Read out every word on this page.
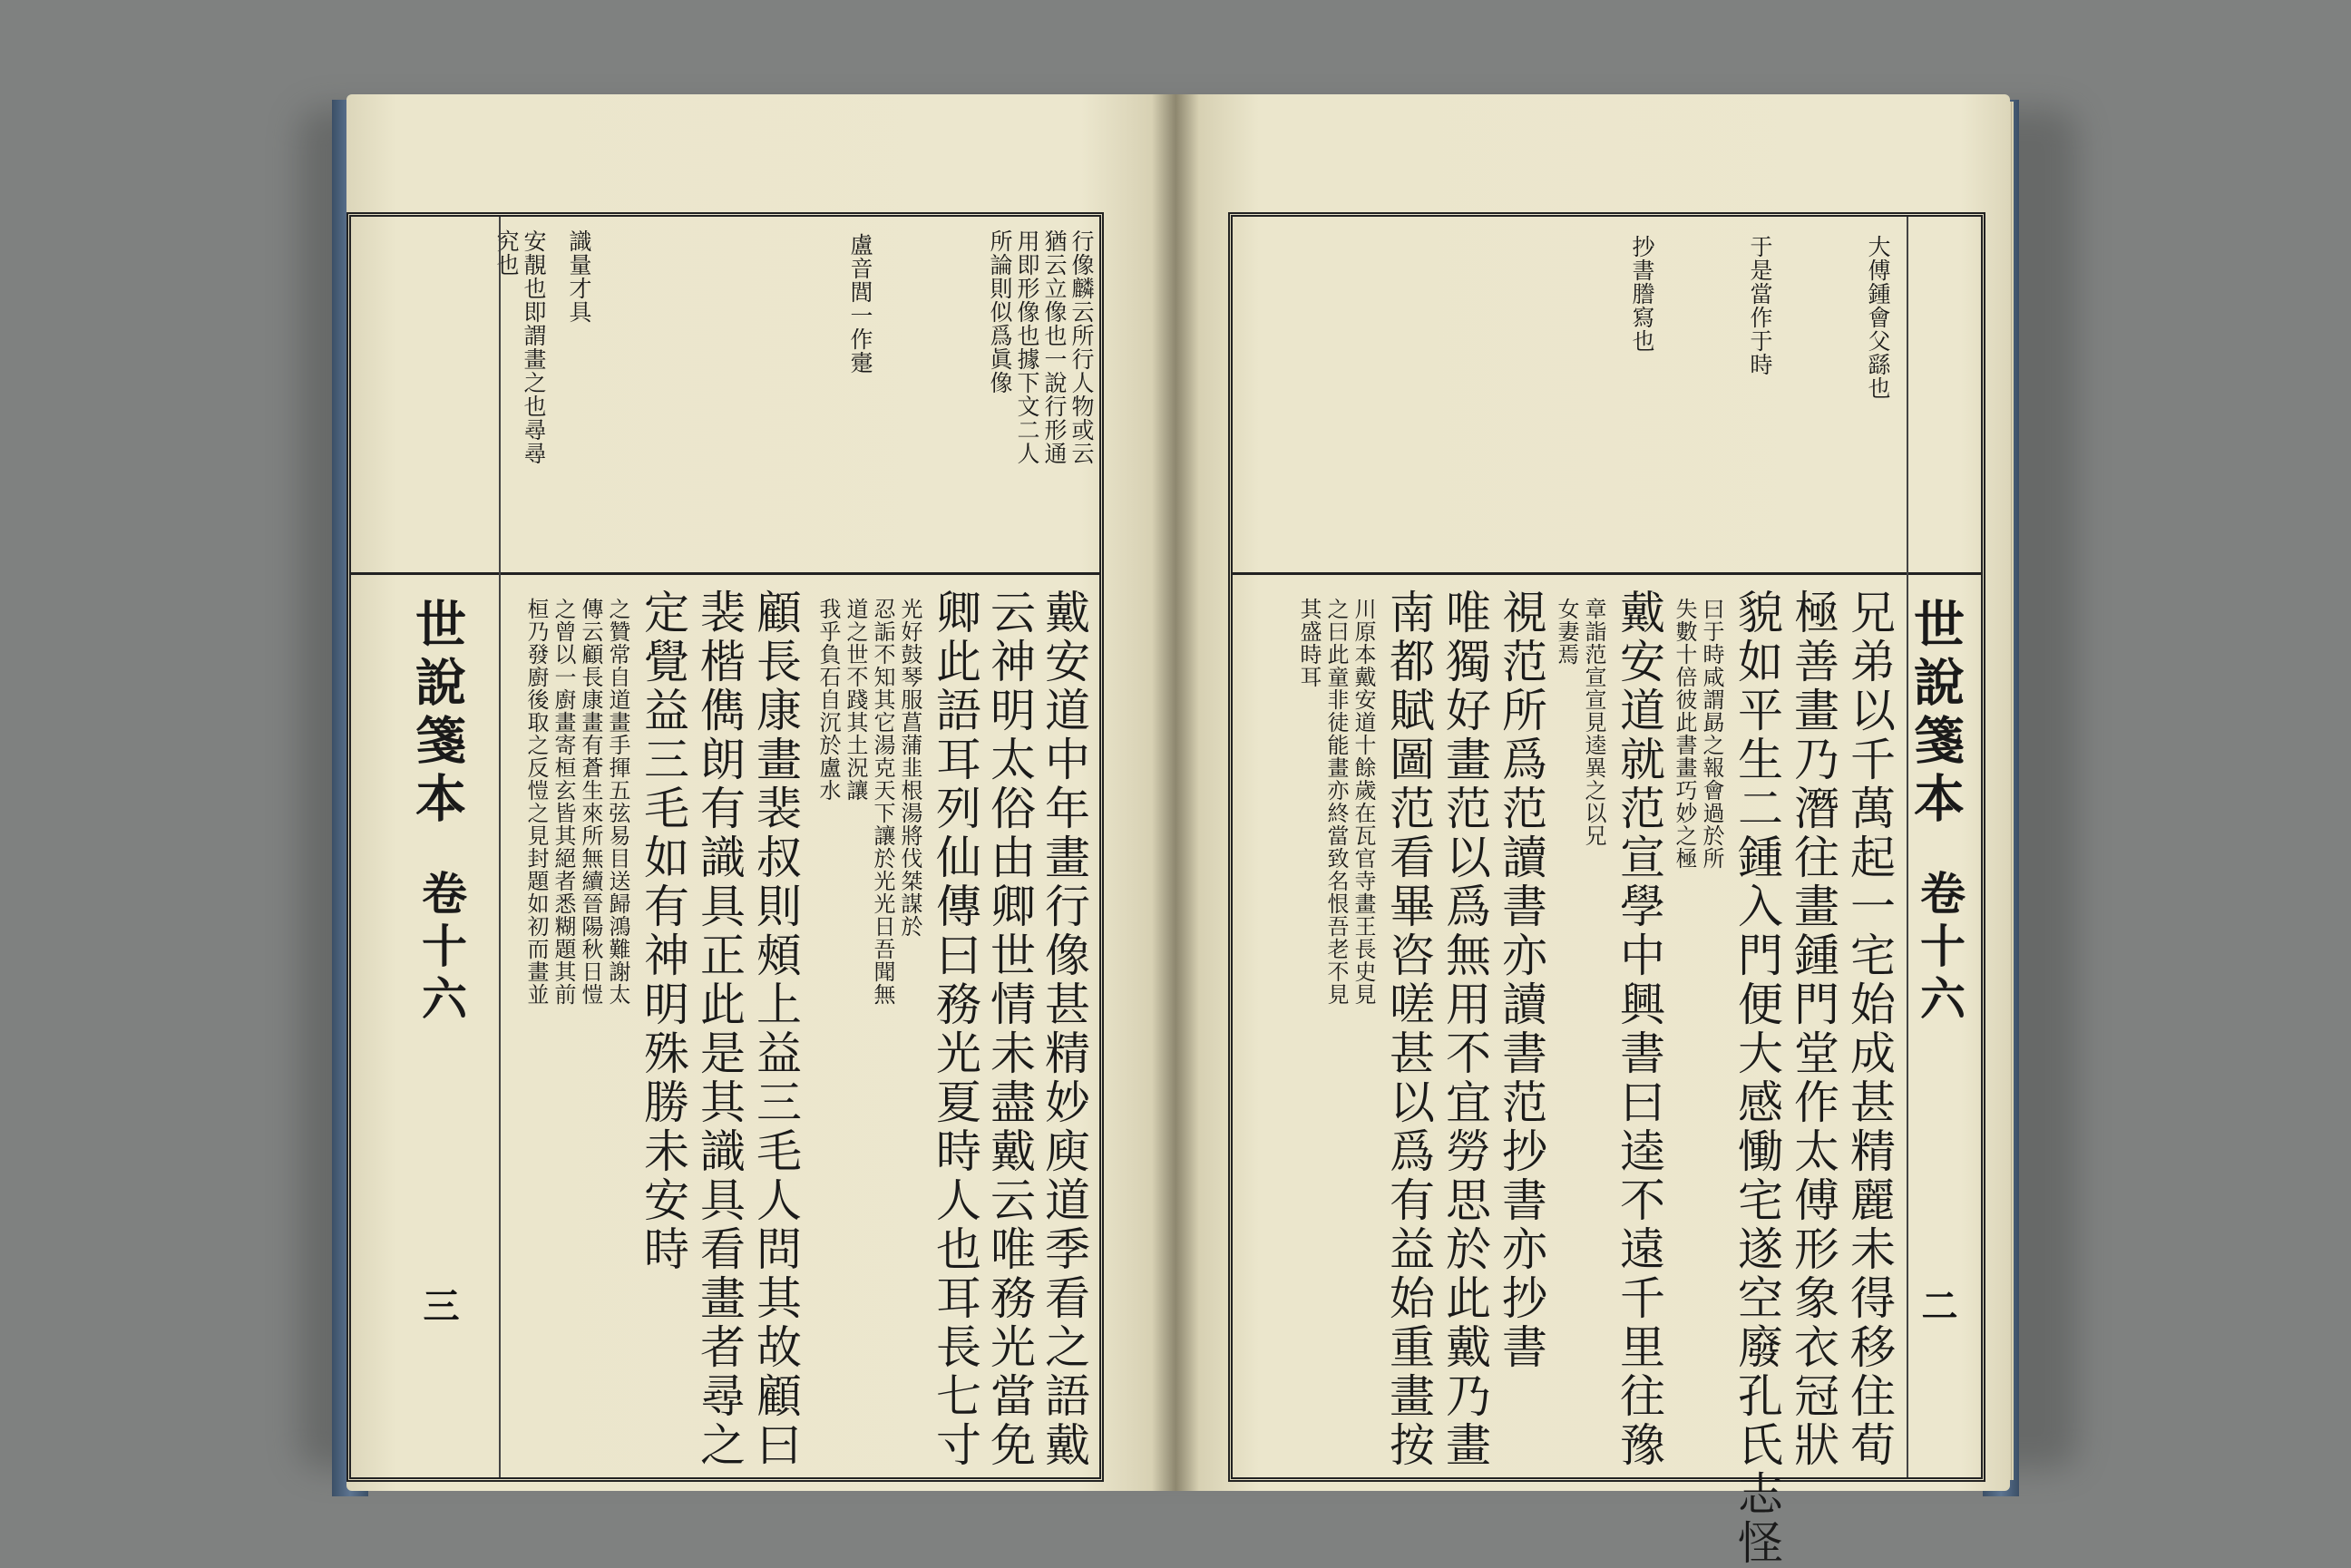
行像麟云所行人物或云
猶云立像也一說行形通
用即形像也據下文二人
所論則似爲眞像
盧音閭一作㚄
識量才具
安靚也即謂畫之也尋尋
究也
戴安道中年畫行像甚精妙庾道季看之語戴
云神明太俗由卿世情未盡戴云唯務光當免
卿此語耳列仙傳曰務光夏時人也耳長七寸
光好鼓琴服菖蒲韭根湯將伐桀謀於
忍詬不知其它湯克天下讓於光光日吾聞無
道之世不踐其土況讓
我乎負石自沉於盧水
顧長康畫裴叔則頰上益三毛人問其故顧曰
裴楷儁朗有識具正此是其識具看畫者尋之
定覺益三毛如有神明殊勝未安時
之贊常自道畫手揮五弦易目送歸鴻難謝太
傳云顧長康畫有蒼生來所無續晉陽秋日愷
之曾以一廚畫寄桓玄皆其絕者悉糊題其前
桓乃發廚後取之反愷之見封題如初而畫並
世說箋本
卷十六
三
世說箋本
卷十六
二
大傅鍾會父繇也
于是當作于時
抄書謄寫也
兄弟以千萬起一宅始成甚精麗未得移住荀
極善畫乃潛往畫鍾門堂作太傅形象衣冠狀
貌如平生二鍾入門便大感慟宅遂空廢孔氏志怪
曰于時咸謂勗之報會過於所
失數十倍彼此書畫巧妙之極
戴安道就范宣學中興書曰逵不遠千里往豫
章詣范宣宣見逵異之以兄
女妻焉
視范所爲范讀書亦讀書范抄書亦抄書
唯獨好畫范以爲無用不宜勞思於此戴乃畫
南都賦圖范看畢咨嗟甚以爲有益始重畫按
川原本戴安道十餘歲在瓦官寺畫王長史見
之曰此童非徒能畫亦終當致名恨吾老不見
其盛時耳
